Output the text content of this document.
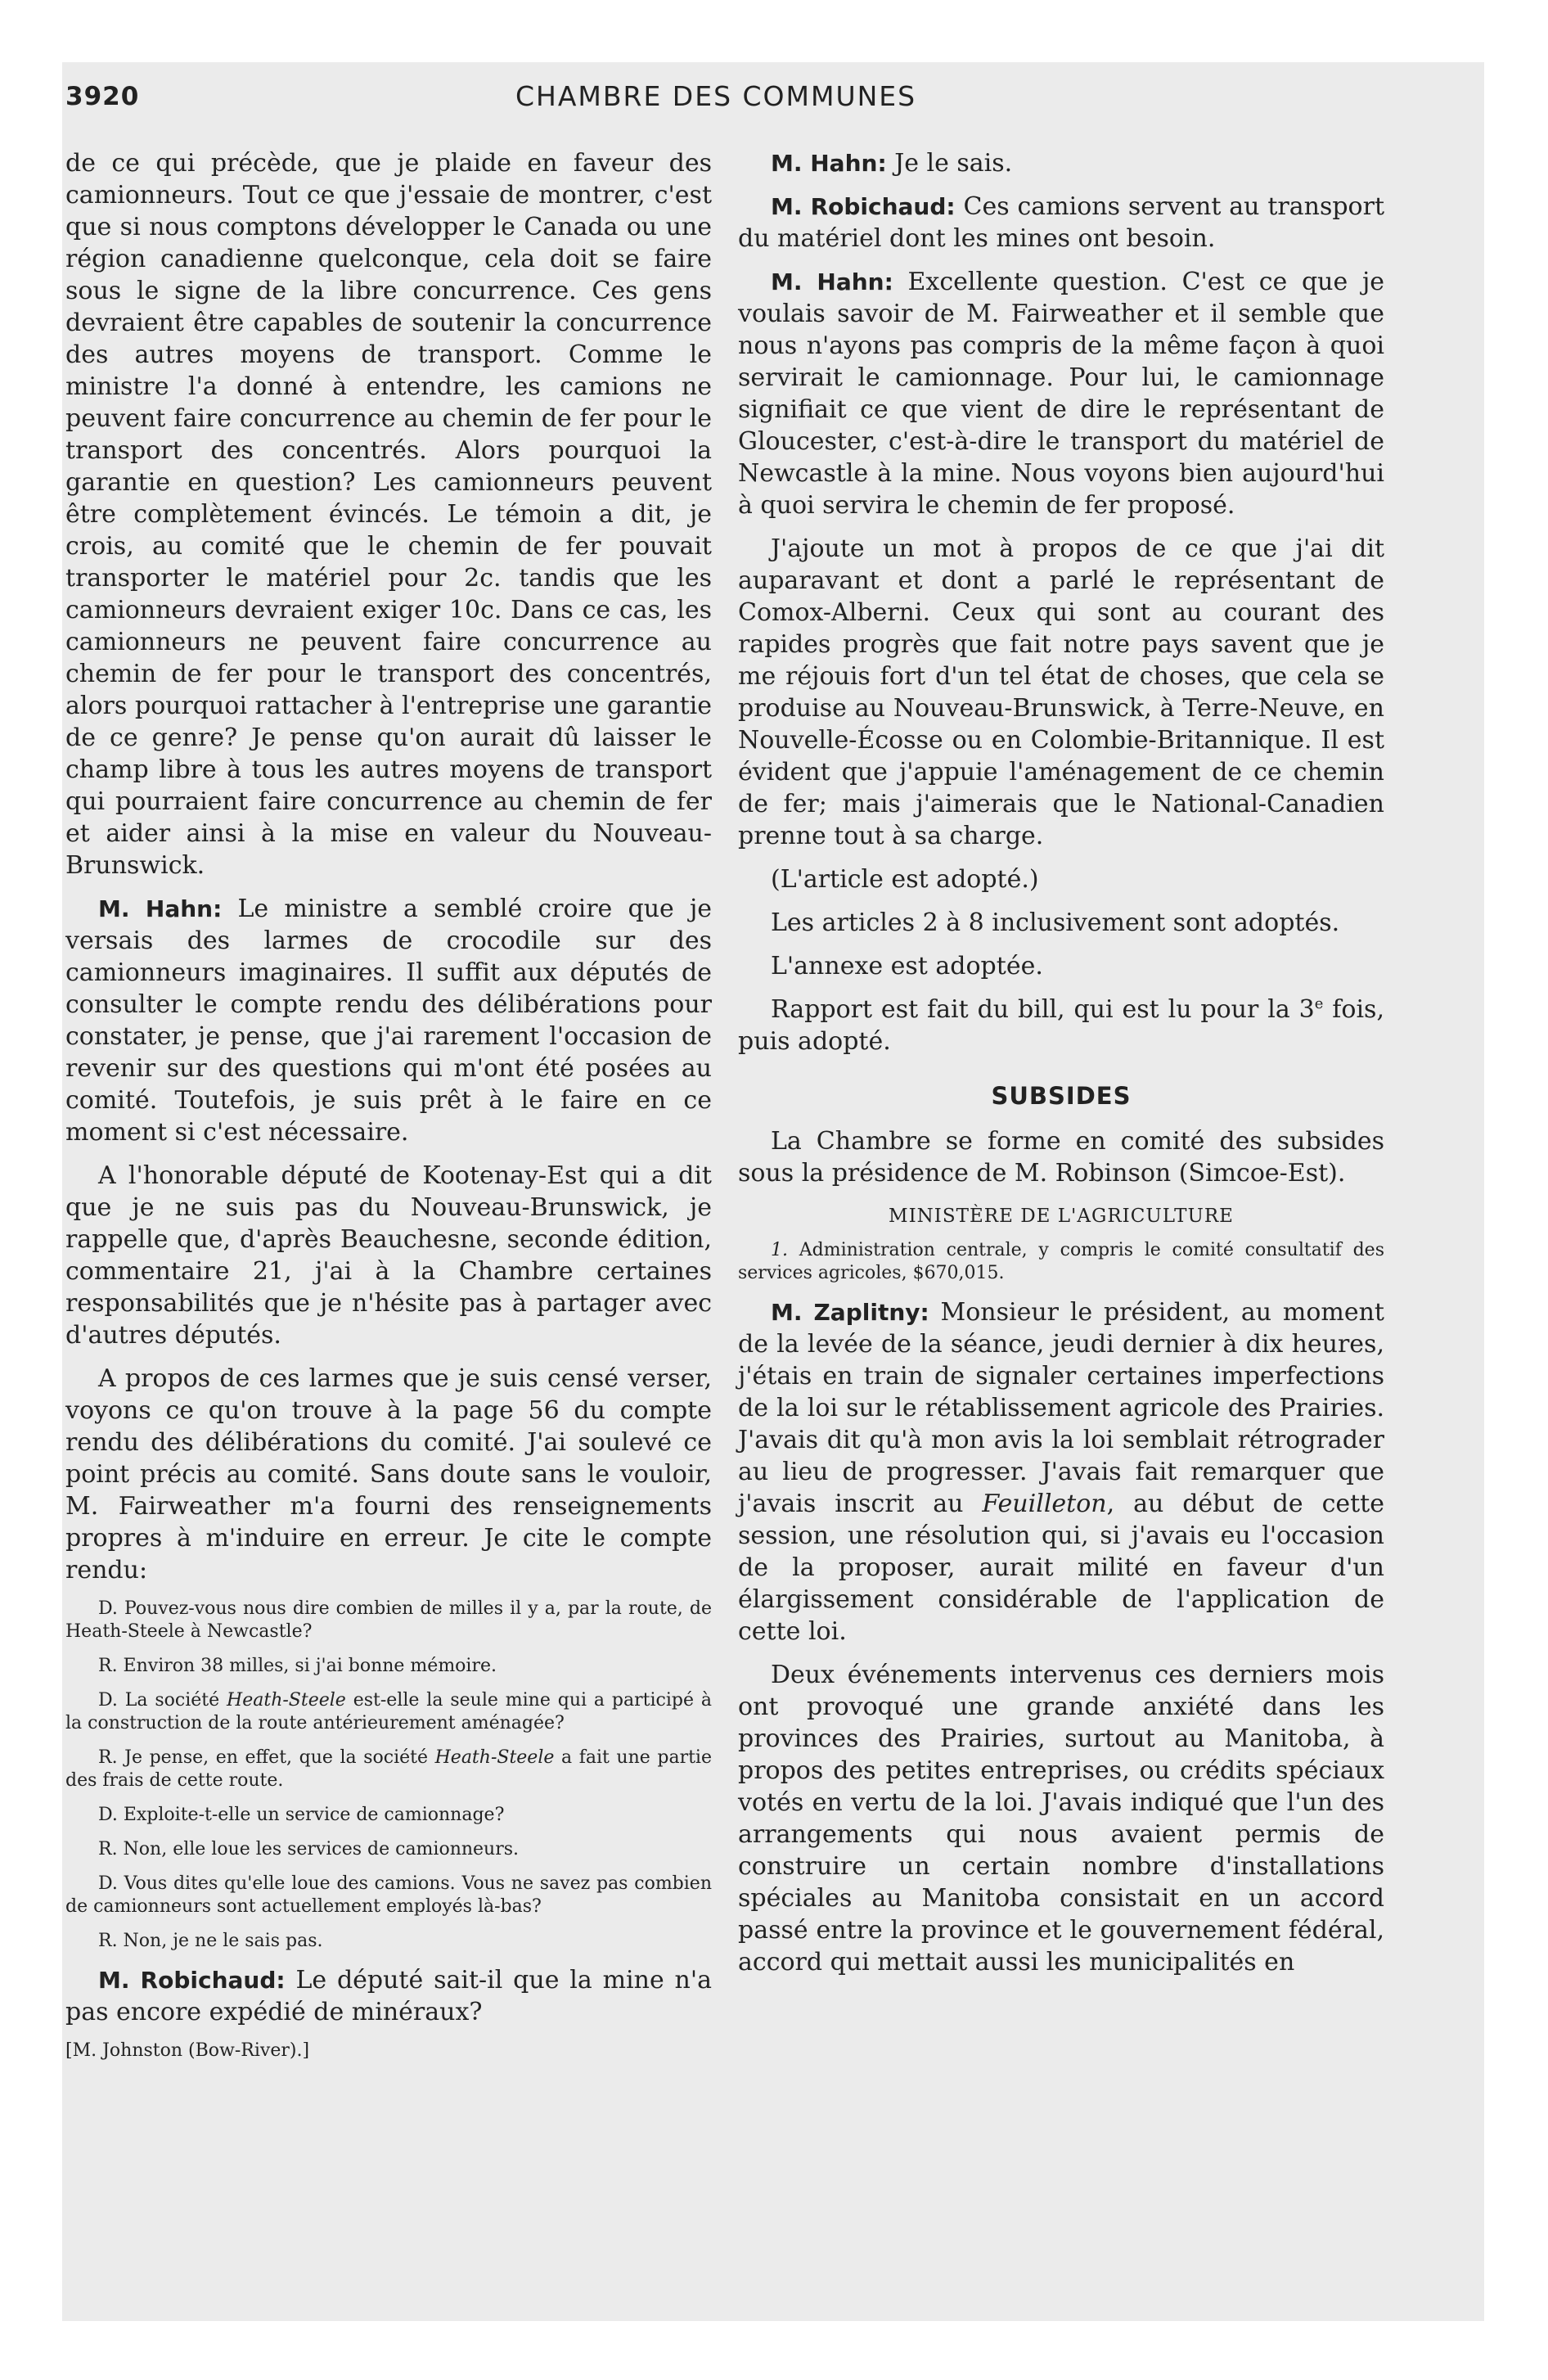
3920	CHAMBRE DES COMMUNES

de ce qui précède, que je plaide en faveur des camionneurs. Tout ce que j'essaie de montrer, c'est que si nous comptons développer le Canada ou une région canadienne quelconque, cela doit se faire sous le signe de la libre concurrence. Ces gens devraient être capables de soutenir la concurrence des autres moyens de transport. Comme le ministre l'a donné à entendre, les camions ne peuvent faire concurrence au chemin de fer pour le transport des concentrés. Alors pourquoi la garantie en question? Les camionneurs peuvent être complètement évincés. Le témoin a dit, je crois, au comité que le chemin de fer pouvait transporter le matériel pour 2c. tandis que les camionneurs devraient exiger 10c. Dans ce cas, les camionneurs ne peuvent faire concurrence au chemin de fer pour le transport des concentrés, alors pourquoi rattacher à l'entreprise une garantie de ce genre? Je pense qu'on aurait dû laisser le champ libre à tous les autres moyens de transport qui pourraient faire concurrence au chemin de fer et aider ainsi à la mise en valeur du Nouveau-Brunswick.

M. Hahn: Le ministre a semblé croire que je versais des larmes de crocodile sur des camionneurs imaginaires. Il suffit aux députés de consulter le compte rendu des délibérations pour constater, je pense, que j'ai rarement l'occasion de revenir sur des questions qui m'ont été posées au comité. Toutefois, je suis prêt à le faire en ce moment si c'est nécessaire.

A l'honorable député de Kootenay-Est qui a dit que je ne suis pas du Nouveau-Brunswick, je rappelle que, d'après Beauchesne, seconde édition, commentaire 21, j'ai à la Chambre certaines responsabilités que je n'hésite pas à partager avec d'autres députés.

A propos de ces larmes que je suis censé verser, voyons ce qu'on trouve à la page 56 du compte rendu des délibérations du comité. J'ai soulevé ce point précis au comité. Sans doute sans le vouloir, M. Fairweather m'a fourni des renseignements propres à m'induire en erreur. Je cite le compte rendu:

D. Pouvez-vous nous dire combien de milles il y a, par la route, de Heath-Steele à Newcastle?

R. Environ 38 milles, si j'ai bonne mémoire.

D. La société Heath-Steele est-elle la seule mine qui a participé à la construction de la route antérieurement aménagée?

R. Je pense, en effet, que la société Heath-Steele a fait une partie des frais de cette route.

D. Exploite-t-elle un service de camionnage?

R. Non, elle loue les services de camionneurs.

D. Vous dites qu'elle loue des camions. Vous ne savez pas combien de camionneurs sont actuellement employés là-bas?

R. Non, je ne le sais pas.

M. Robichaud: Le député sait-il que la mine n'a pas encore expédié de minéraux?

[M. Johnston (Bow-River).]

M. Hahn: Je le sais.

M. Robichaud: Ces camions servent au transport du matériel dont les mines ont besoin.

M. Hahn: Excellente question. C'est ce que je voulais savoir de M. Fairweather et il semble que nous n'ayons pas compris de la même façon à quoi servirait le camionnage. Pour lui, le camionnage signifiait ce que vient de dire le représentant de Gloucester, c'est-à-dire le transport du matériel de Newcastle à la mine. Nous voyons bien aujourd'hui à quoi servira le chemin de fer proposé.

J'ajoute un mot à propos de ce que j'ai dit auparavant et dont a parlé le représentant de Comox-Alberni. Ceux qui sont au courant des rapides progrès que fait notre pays savent que je me réjouis fort d'un tel état de choses, que cela se produise au Nouveau-Brunswick, à Terre-Neuve, en Nouvelle-Écosse ou en Colombie-Britannique. Il est évident que j'appuie l'aménagement de ce chemin de fer; mais j'aimerais que le National-Canadien prenne tout à sa charge.

(L'article est adopté.)

Les articles 2 à 8 inclusivement sont adoptés.

L'annexe est adoptée.

Rapport est fait du bill, qui est lu pour la 3e fois, puis adopté.

SUBSIDES

La Chambre se forme en comité des subsides sous la présidence de M. Robinson (Simcoe-Est).

MINISTÈRE DE L'AGRICULTURE

1. Administration centrale, y compris le comité consultatif des services agricoles, $670,015.

M. Zaplitny: Monsieur le président, au moment de la levée de la séance, jeudi dernier à dix heures, j'étais en train de signaler certaines imperfections de la loi sur le rétablissement agricole des Prairies. J'avais dit qu'à mon avis la loi semblait rétrograder au lieu de progresser. J'avais fait remarquer que j'avais inscrit au Feuilleton, au début de cette session, une résolution qui, si j'avais eu l'occasion de la proposer, aurait milité en faveur d'un élargissement considérable de l'application de cette loi.

Deux événements intervenus ces derniers mois ont provoqué une grande anxiété dans les provinces des Prairies, surtout au Manitoba, à propos des petites entreprises, ou crédits spéciaux votés en vertu de la loi. J'avais indiqué que l'un des arrangements qui nous avaient permis de construire un certain nombre d'installations spéciales au Manitoba consistait en un accord passé entre la province et le gouvernement fédéral, accord qui mettait aussi les municipalités en
